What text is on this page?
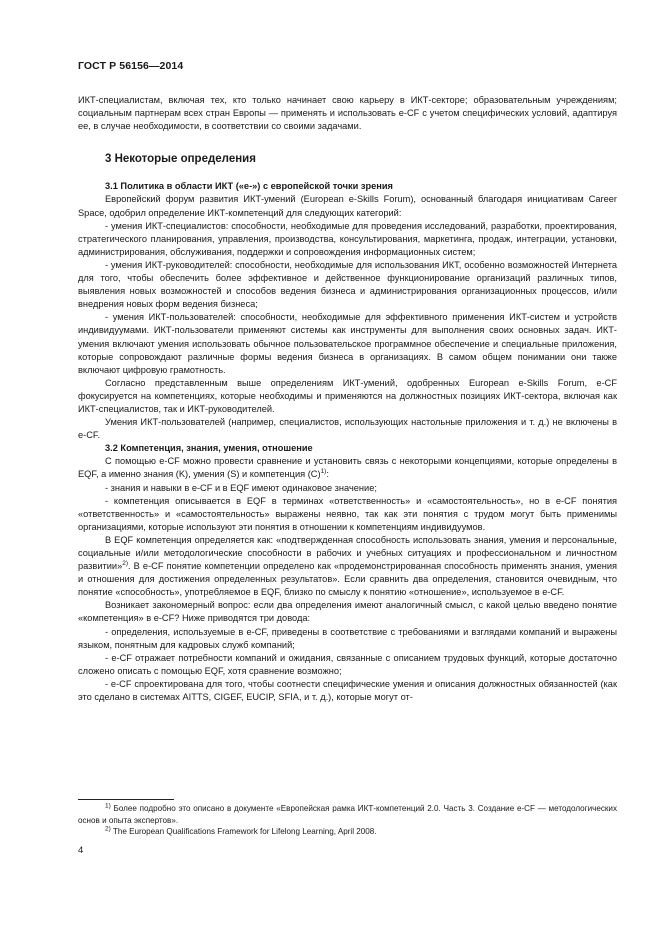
ГОСТ Р 56156—2014

ИКТ-специалистам, включая тех, кто только начинает свою карьеру в ИКТ-секторе; образовательным учреждениям; социальным партнерам всех стран Европы — применять и использовать e-CF с учетом специфических условий, адаптируя ее, в случае необходимости, в соответствии со своими задачами.

3 Некоторые определения

3.1 Политика в области ИКТ («е-») с европейской точки зрения

Европейский форум развития ИКТ-умений (European e-Skills Forum), основанный благодаря инициативам Career Space, одобрил определение ИКТ-компетенций для следующих категорий:

- умения ИКТ-специалистов: способности, необходимые для проведения исследований, разработки, проектирования, стратегического планирования, управления, производства, консультирования, маркетинга, продаж, интеграции, установки, администрирования, обслуживания, поддержки и сопровождения информационных систем;

- умения ИКТ-руководителей: способности, необходимые для использования ИКТ, особенно возможностей Интернета для того, чтобы обеспечить более эффективное и действенное функционирование организаций различных типов, выявления новых возможностей и способов ведения бизнеса и администрирования организационных процессов, и/или внедрения новых форм ведения бизнеса;

- умения ИКТ-пользователей: способности, необходимые для эффективного применения ИКТ-систем и устройств индивидуумами. ИКТ-пользователи применяют системы как инструменты для выполнения своих основных задач. ИКТ-умения включают умения использовать обычное пользовательское программное обеспечение и специальные приложения, которые сопровождают различные формы ведения бизнеса в организациях. В самом общем понимании они также включают цифровую грамотность.

Согласно представленным выше определениям ИКТ-умений, одобренных European e-Skills Forum, e-CF фокусируется на компетенциях, которые необходимы и применяются на должностных позициях ИКТ-сектора, включая как ИКТ-специалистов, так и ИКТ-руководителей.

Умения ИКТ-пользователей (например, специалистов, использующих настольные приложения и т. д.) не включены в e-CF.

3.2 Компетенция, знания, умения, отношение

С помощью e-CF можно провести сравнение и установить связь с некоторыми концепциями, которые определены в EQF, а именно знания (K), умения (S) и компетенция $(С)^{1)}$:

- знания и навыки в e-CF и в EQF имеют одинаковое значение;

- компетенция описывается в EQF в терминах «ответственность» и «самостоятельность», но в e-CF понятия «ответственность» и «самостоятельность» выражены неявно, так как эти понятия с трудом могут быть применимы организациями, которые используют эти понятия в отношении к компетенциям индивидуумов.

В EQF компетенция определяется как: «подтвержденная способность использовать знания, умения и персональные, социальные и/или методологические способности в рабочих и учебных ситуациях и профессиональном и личностном развитии»$^{2)}$. В e-CF понятие компетенции определено как «продемонстрированная способность применять знания, умения и отношения для достижения определенных результатов». Если сравнить два определения, становится очевидным, что понятие «способность», употребляемое в EQF, близко по смыслу к понятию «отношение», используемое в e-CF.

Возникает закономерный вопрос: если два определения имеют аналогичный смысл, с какой целью введено понятие «компетенция» в e-CF? Ниже приводятся три довода:

- определения, используемые в e-CF, приведены в соответствие с требованиями и взглядами компаний и выражены языком, понятным для кадровых служб компаний;

- e-CF отражает потребности компаний и ожидания, связанные с описанием трудовых функций, которые достаточно сложено описать с помощью EQF, хотя сравнение возможно;

- e-CF спроектирована для того, чтобы соотнести специфические умения и описания должностных обязанностей (как это сделано в системах AITTS, CIGEF, EUCIP, SFIA, и т. д.), которые могут от-

$^{1)}$ Более подробно это описано в документе «Европейская рамка ИКТ-компетенций 2.0. Часть 3. Создание e-CF — методологических основ и опыта экспертов».

$^{2)}$ The European Qualifications Framework for Lifelong Learning, April 2008.

4
